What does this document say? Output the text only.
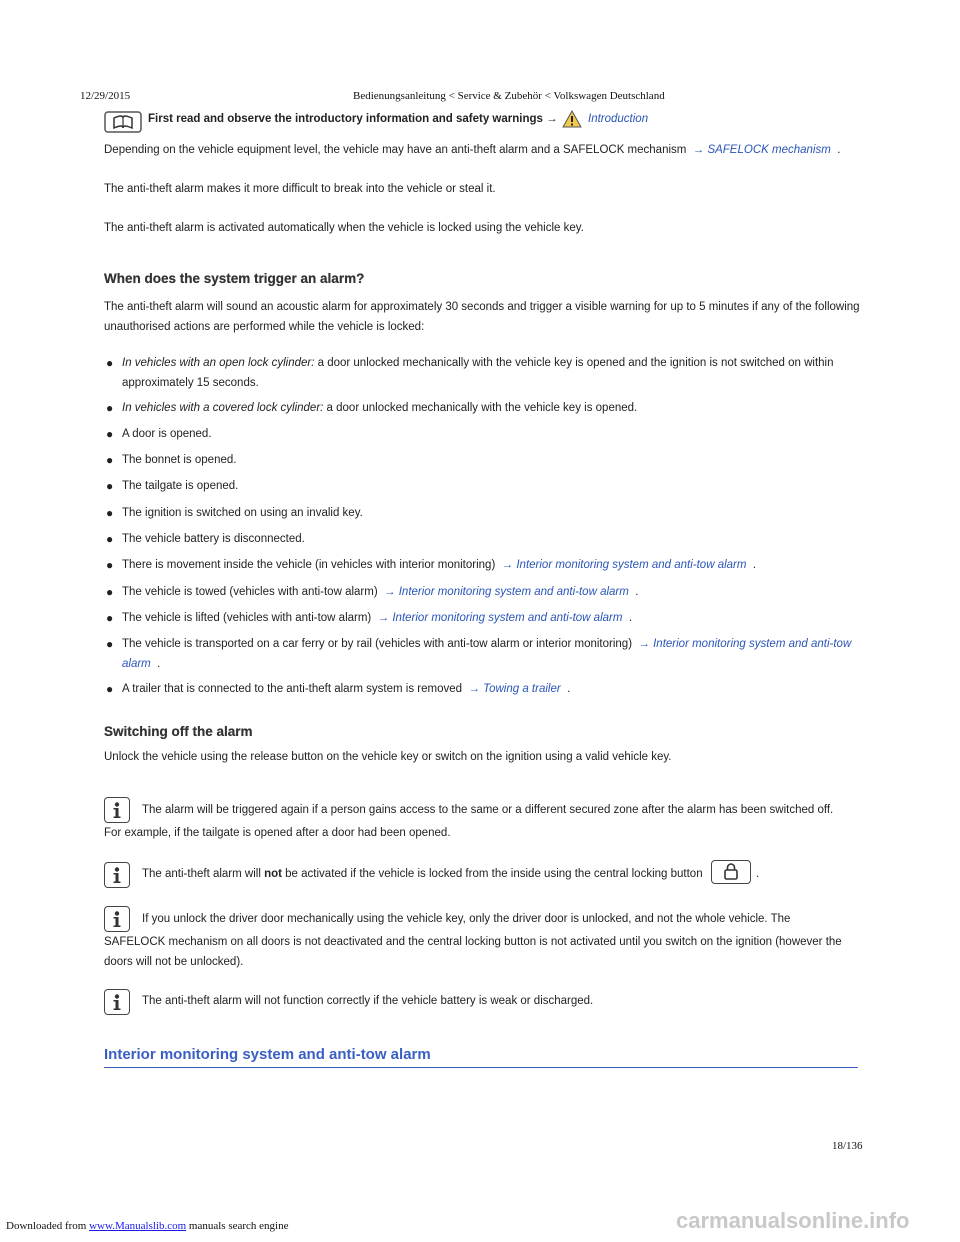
12/29/2015	Bedienungsanleitung < Service & Zubehör < Volkswagen Deutschland
First read and observe the introductory information and safety warnings →	Introduction
Depending on the vehicle equipment level, the vehicle may have an anti-theft alarm and a SAFELOCK mechanism → SAFELOCK mechanism .
The anti-theft alarm makes it more difficult to break into the vehicle or steal it.
The anti-theft alarm is activated automatically when the vehicle is locked using the vehicle key.
When does the system trigger an alarm?
The anti-theft alarm will sound an acoustic alarm for approximately 30 seconds and trigger a visible warning for up to 5 minutes if any of the following unauthorised actions are performed while the vehicle is locked:
● In vehicles with an open lock cylinder: a door unlocked mechanically with the vehicle key is opened and the ignition is not switched on within approximately 15 seconds.
● In vehicles with a covered lock cylinder: a door unlocked mechanically with the vehicle key is opened.
● A door is opened.
● The bonnet is opened.
● The tailgate is opened.
● The ignition is switched on using an invalid key.
● The vehicle battery is disconnected.
● There is movement inside the vehicle (in vehicles with interior monitoring) → Interior monitoring system and anti-tow alarm .
● The vehicle is towed (vehicles with anti-tow alarm) → Interior monitoring system and anti-tow alarm .
● The vehicle is lifted (vehicles with anti-tow alarm) → Interior monitoring system and anti-tow alarm .
● The vehicle is transported on a car ferry or by rail (vehicles with anti-tow alarm or interior monitoring) → Interior monitoring system and anti-tow alarm .
● A trailer that is connected to the anti-theft alarm system is removed → Towing a trailer .
Switching off the alarm
Unlock the vehicle using the release button on the vehicle key or switch on the ignition using a valid vehicle key.
The alarm will be triggered again if a person gains access to the same or a different secured zone after the alarm has been switched off.
For example, if the tailgate is opened after a door had been opened.
The anti-theft alarm will not be activated if the vehicle is locked from the inside using the central locking button	.
If you unlock the driver door mechanically using the vehicle key, only the driver door is unlocked, and not the whole vehicle. The
SAFELOCK mechanism on all doors is not deactivated and the central locking button is not activated until you switch on the ignition (however the doors will not be unlocked).
The anti-theft alarm will not function correctly if the vehicle battery is weak or discharged.
Interior monitoring system and anti-tow alarm
18/136
carmanualsonline.info
Downloaded from www.Manualslib.com manuals search engine
